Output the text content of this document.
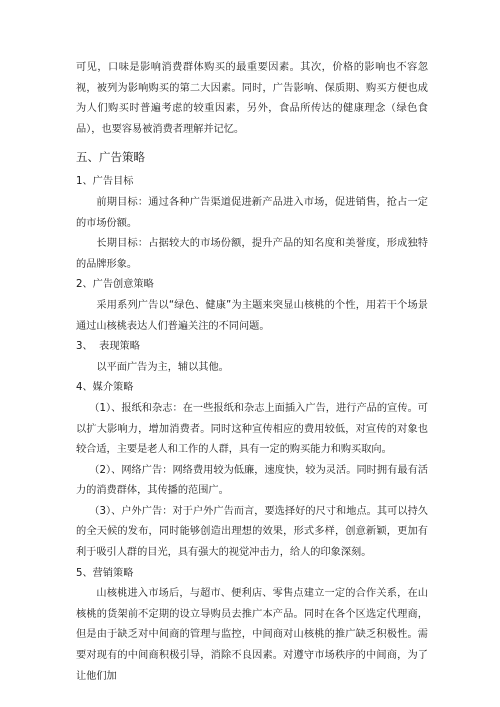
可见，口味是影响消费群体购买的最重要因素。其次，价格的影响也不容忽视，被列为影响购买的第二大因素。同时，广告影响、保质期、购买方便也成为人们购买时普遍考虑的较重因素，另外，食品所传达的健康理念（绿色食品），也要容易被消费者理解并记忆。

五、广告策略

1、广告目标

前期目标：通过各种广告渠道促进新产品进入市场，促进销售，抢占一定的市场份额。

长期目标：占据较大的市场份额，提升产品的知名度和美誉度，形成独特的品牌形象。

2、广告创意策略

采用系列广告以“绿色、健康”为主题来突显山核桃的个性，用若干个场景通过山核桃表达人们普遍关注的不同问题。

3、  表现策略

以平面广告为主，辅以其他。

4、媒介策略

（1）、报纸和杂志：在一些报纸和杂志上面插入广告，进行产品的宣传。可以扩大影响力，增加消费者。同时这种宣传相应的费用较低，对宣传的对象也较合适，主要是老人和工作的人群，具有一定的购买能力和购买取向。

（2）、网络广告：网络费用较为低廉，速度快，较为灵活。同时拥有最有活力的消费群体，其传播的范围广。

（3）、户外广告：对于户外广告而言，要选择好的尺寸和地点。其可以持久的全天候的发布，同时能够创造出理想的效果，形式多样，创意新颖，更加有利于吸引人群的目光，具有强大的视觉冲击力，给人的印象深刻。

5、营销策略

山核桃进入市场后，与超市、便利店、零售点建立一定的合作关系，在山核桃的货架前不定期的设立导购员去推广本产品。同时在各个区选定代理商，但是由于缺乏对中间商的管理与监控，中间商对山核桃的推广缺乏积极性。需要对现有的中间商积极引导，消除不良因素。对遵守市场秩序的中间商，为了让他们加
